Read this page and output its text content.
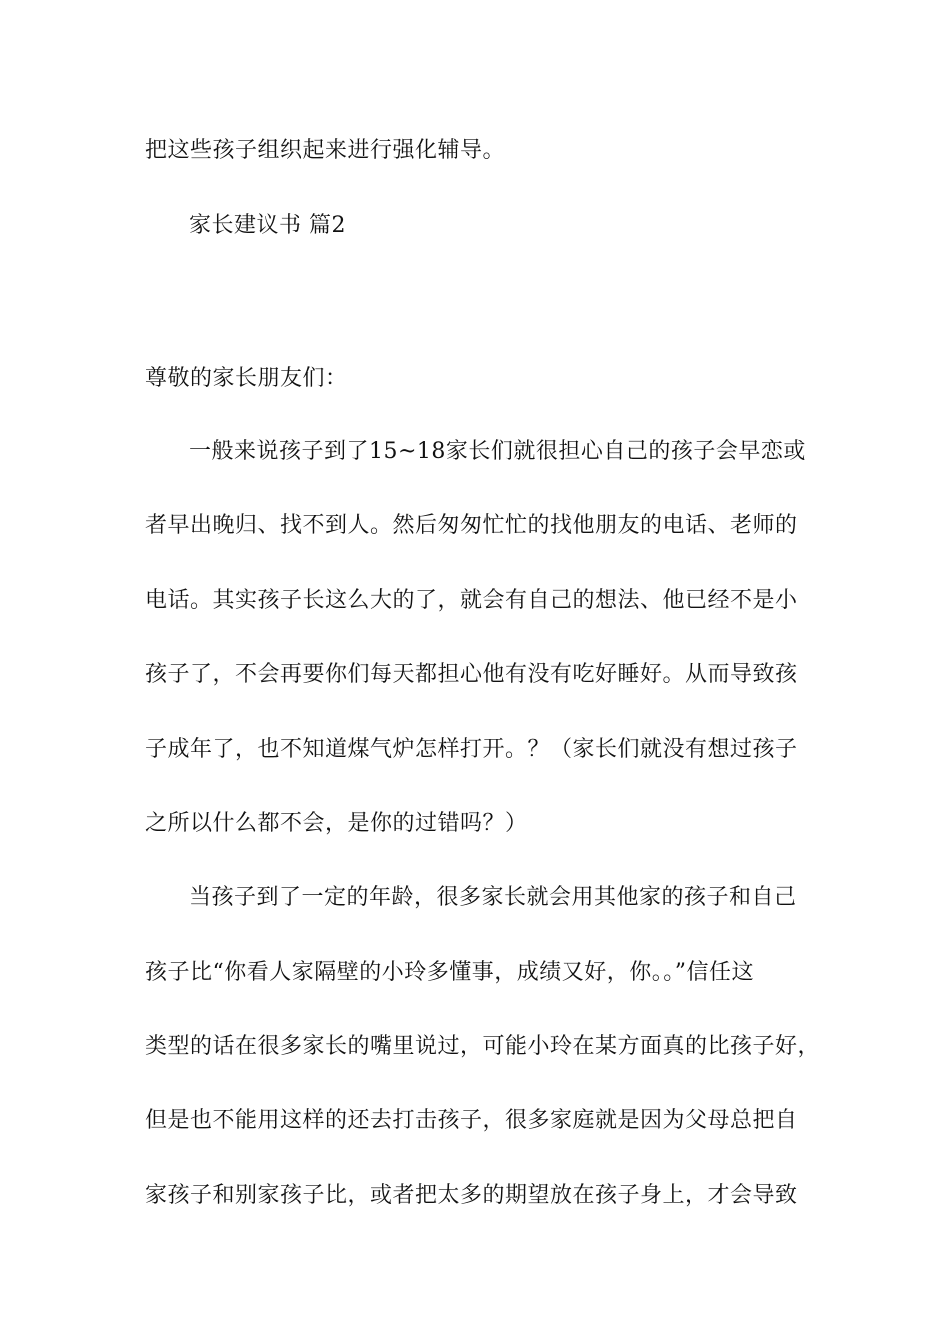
把这些孩子组织起来进行强化辅导。
家长建议书 篇2
尊敬的家长朋友们：
一般来说孩子到了15~18家长们就很担心自己的孩子会早恋或
者早出晚归、找不到人。然后匆匆忙忙的找他朋友的电话、老师的
电话。其实孩子长这么大的了，就会有自己的想法、他已经不是小
孩子了，不会再要你们每天都担心他有没有吃好睡好。从而导致孩
子成年了，也不知道煤气炉怎样打开。？（家长们就没有想过孩子
之所以什么都不会，是你的过错吗？）
当孩子到了一定的年龄，很多家长就会用其他家的孩子和自己
孩子比“你看人家隔壁的小玲多懂事，成绩又好，你。。”信任这
类型的话在很多家长的嘴里说过，可能小玲在某方面真的比孩子好，
但是也不能用这样的还去打击孩子，很多家庭就是因为父母总把自
家孩子和别家孩子比，或者把太多的期望放在孩子身上，才会导致
